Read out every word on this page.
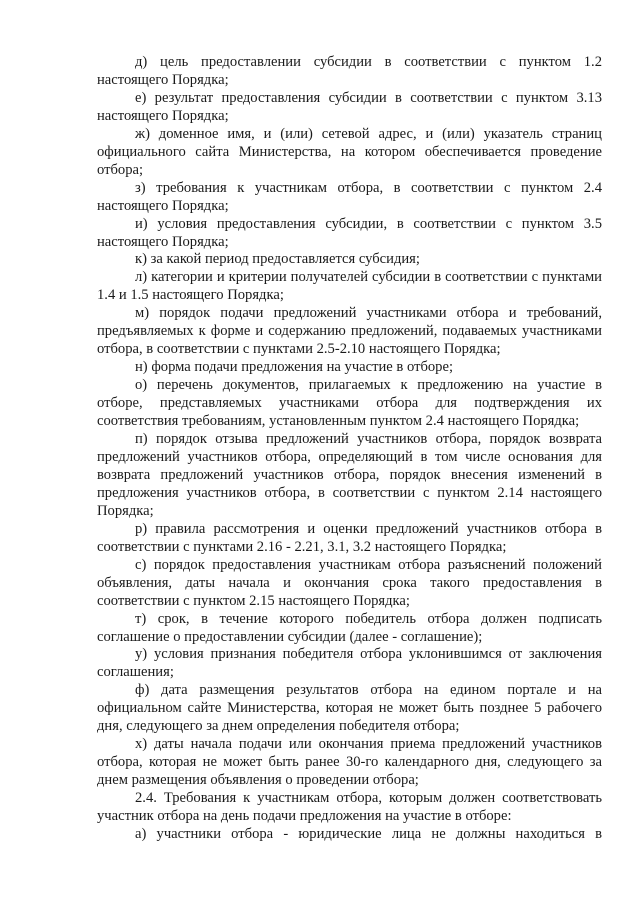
д) цель предоставлении субсидии в соответствии с пунктом 1.2 настоящего Порядка;

е) результат предоставления субсидии в соответствии с пунктом 3.13 настоящего Порядка;

ж) доменное имя, и (или) сетевой адрес, и (или) указатель страниц официального сайта Министерства, на котором обеспечивается проведение отбора;

з) требования к участникам отбора, в соответствии с пунктом 2.4 настоящего Порядка;

и) условия предоставления субсидии, в соответствии с пунктом 3.5 настоящего Порядка;

к) за какой период предоставляется субсидия;

л) категории и критерии получателей субсидии в соответствии с пунктами 1.4 и 1.5 настоящего Порядка;

м) порядок подачи предложений участниками отбора и требований, предъявляемых к форме и содержанию предложений, подаваемых участниками отбора, в соответствии с пунктами 2.5-2.10 настоящего Порядка;

н) форма подачи предложения на участие в отборе;

о) перечень документов, прилагаемых к предложению на участие в отборе, представляемых участниками отбора для подтверждения их соответствия требованиям, установленным пунктом 2.4 настоящего Порядка;

п) порядок отзыва предложений участников отбора, порядок возврата предложений участников отбора, определяющий в том числе основания для возврата предложений участников отбора, порядок внесения изменений в предложения участников отбора, в соответствии с пунктом 2.14 настоящего Порядка;

р) правила рассмотрения и оценки предложений участников отбора в соответствии с пунктами 2.16 - 2.21, 3.1, 3.2 настоящего Порядка;

с) порядок предоставления участникам отбора разъяснений положений объявления, даты начала и окончания срока такого предоставления в соответствии с пунктом 2.15 настоящего Порядка;

т) срок, в течение которого победитель отбора должен подписать соглашение о предоставлении субсидии (далее - соглашение);

у) условия признания победителя отбора уклонившимся от заключения соглашения;

ф) дата размещения результатов отбора на едином портале и на официальном сайте Министерства, которая не может быть позднее 5 рабочего дня, следующего за днем определения победителя отбора;

х) даты начала подачи или окончания приема предложений участников отбора, которая не может быть ранее 30-го календарного дня, следующего за днем размещения объявления о проведении отбора;

2.4. Требования к участникам отбора, которым должен соответствовать участник отбора на день подачи предложения на участие в отборе:

а) участники отбора - юридические лица не должны находиться в
